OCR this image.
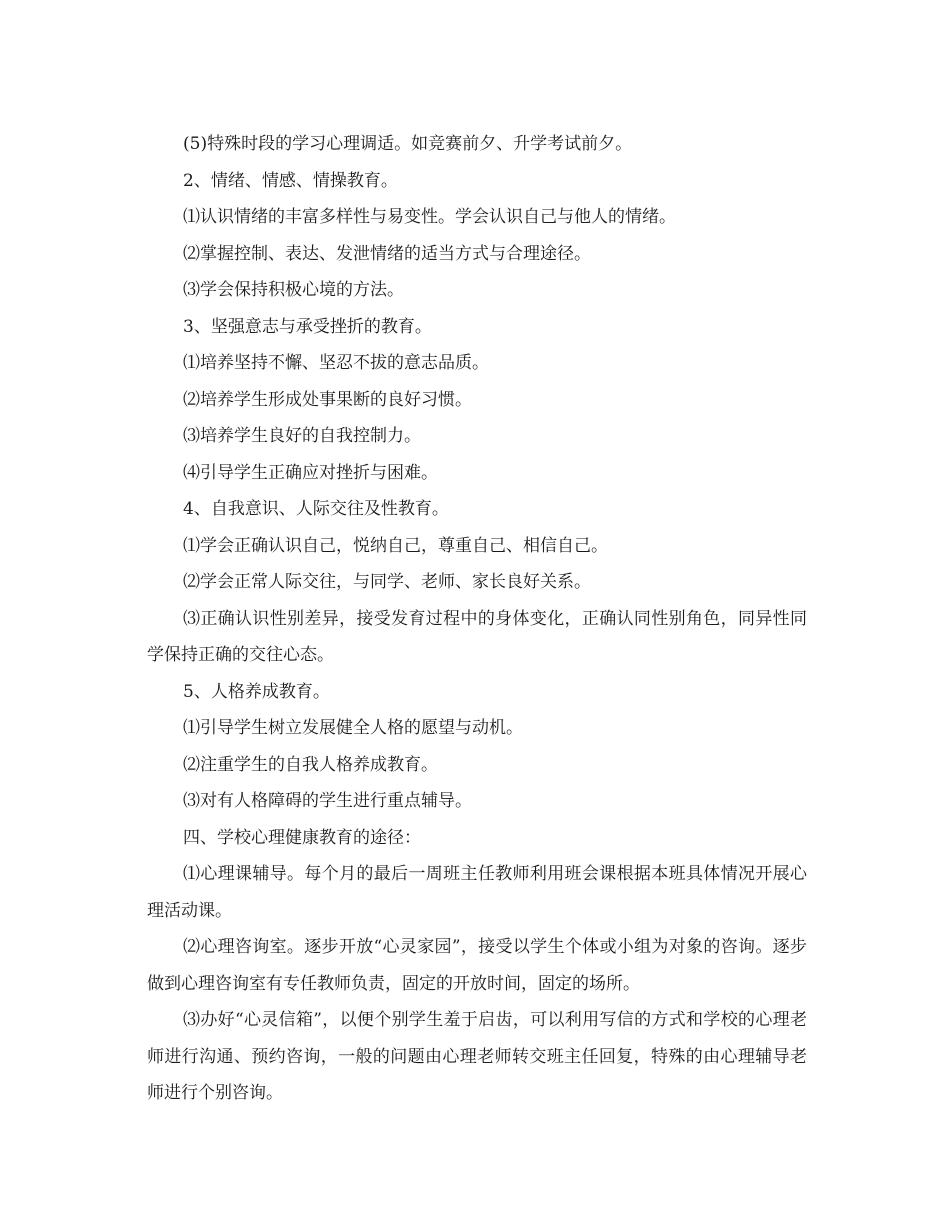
(5)特殊时段的学习心理调适。如竞赛前夕、升学考试前夕。

2、情绪、情感、情操教育。

⑴认识情绪的丰富多样性与易变性。学会认识自己与他人的情绪。

⑵掌握控制、表达、发泄情绪的适当方式与合理途径。

⑶学会保持积极心境的方法。

3、坚强意志与承受挫折的教育。

⑴培养坚持不懈、坚忍不拔的意志品质。

⑵培养学生形成处事果断的良好习惯。

⑶培养学生良好的自我控制力。

⑷引导学生正确应对挫折与困难。

4、自我意识、人际交往及性教育。

⑴学会正确认识自己，悦纳自己，尊重自己、相信自己。

⑵学会正常人际交往，与同学、老师、家长良好关系。

⑶正确认识性别差异，接受发育过程中的身体变化，正确认同性别角色，同异性同学保持正确的交往心态。

5、人格养成教育。

⑴引导学生树立发展健全人格的愿望与动机。

⑵注重学生的自我人格养成教育。

⑶对有人格障碍的学生进行重点辅导。

四、学校心理健康教育的途径：

⑴心理课辅导。每个月的最后一周班主任教师利用班会课根据本班具体情况开展心理活动课。

⑵心理咨询室。逐步开放“心灵家园”，接受以学生个体或小组为对象的咨询。逐步做到心理咨询室有专任教师负责，固定的开放时间，固定的场所。

⑶办好“心灵信箱”，以便个别学生羞于启齿，可以利用写信的方式和学校的心理老师进行沟通、预约咨询，一般的问题由心理老师转交班主任回复，特殊的由心理辅导老师进行个别咨询。
